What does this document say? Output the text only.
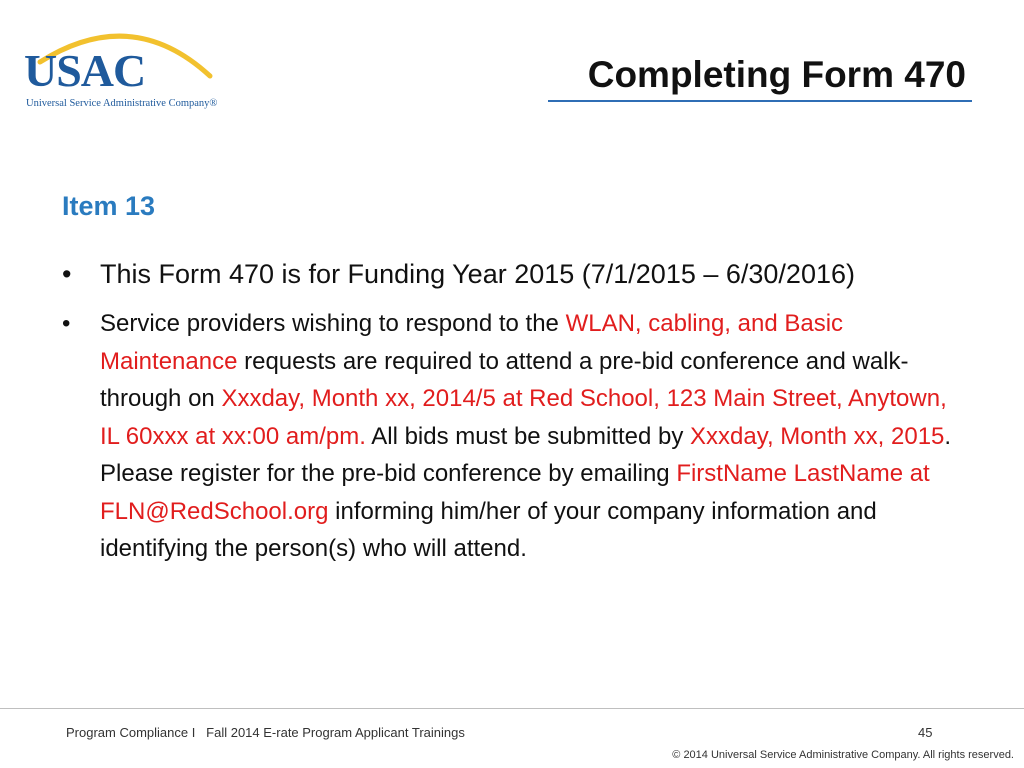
USAC
Universal Service Administrative Company®
Completing Form 470
Item 13
• This Form 470 is for Funding Year 2015 (7/1/2015 – 6/30/2016)
• Service providers wishing to respond to the WLAN, cabling, and Basic Maintenance requests are required to attend a pre-bid conference and walk-through on Xxxday, Month xx, 2014/5 at Red School, 123 Main Street, Anytown, IL 60xxx at xx:00 am/pm. All bids must be submitted by Xxxday, Month xx, 2015. Please register for the pre-bid conference by emailing FirstName LastName at FLN@RedSchool.org informing him/her of your company information and identifying the person(s) who will attend.
Program Compliance I   Fall 2014 E-rate Program Applicant Trainings	45
© 2014 Universal Service Administrative Company. All rights reserved.
